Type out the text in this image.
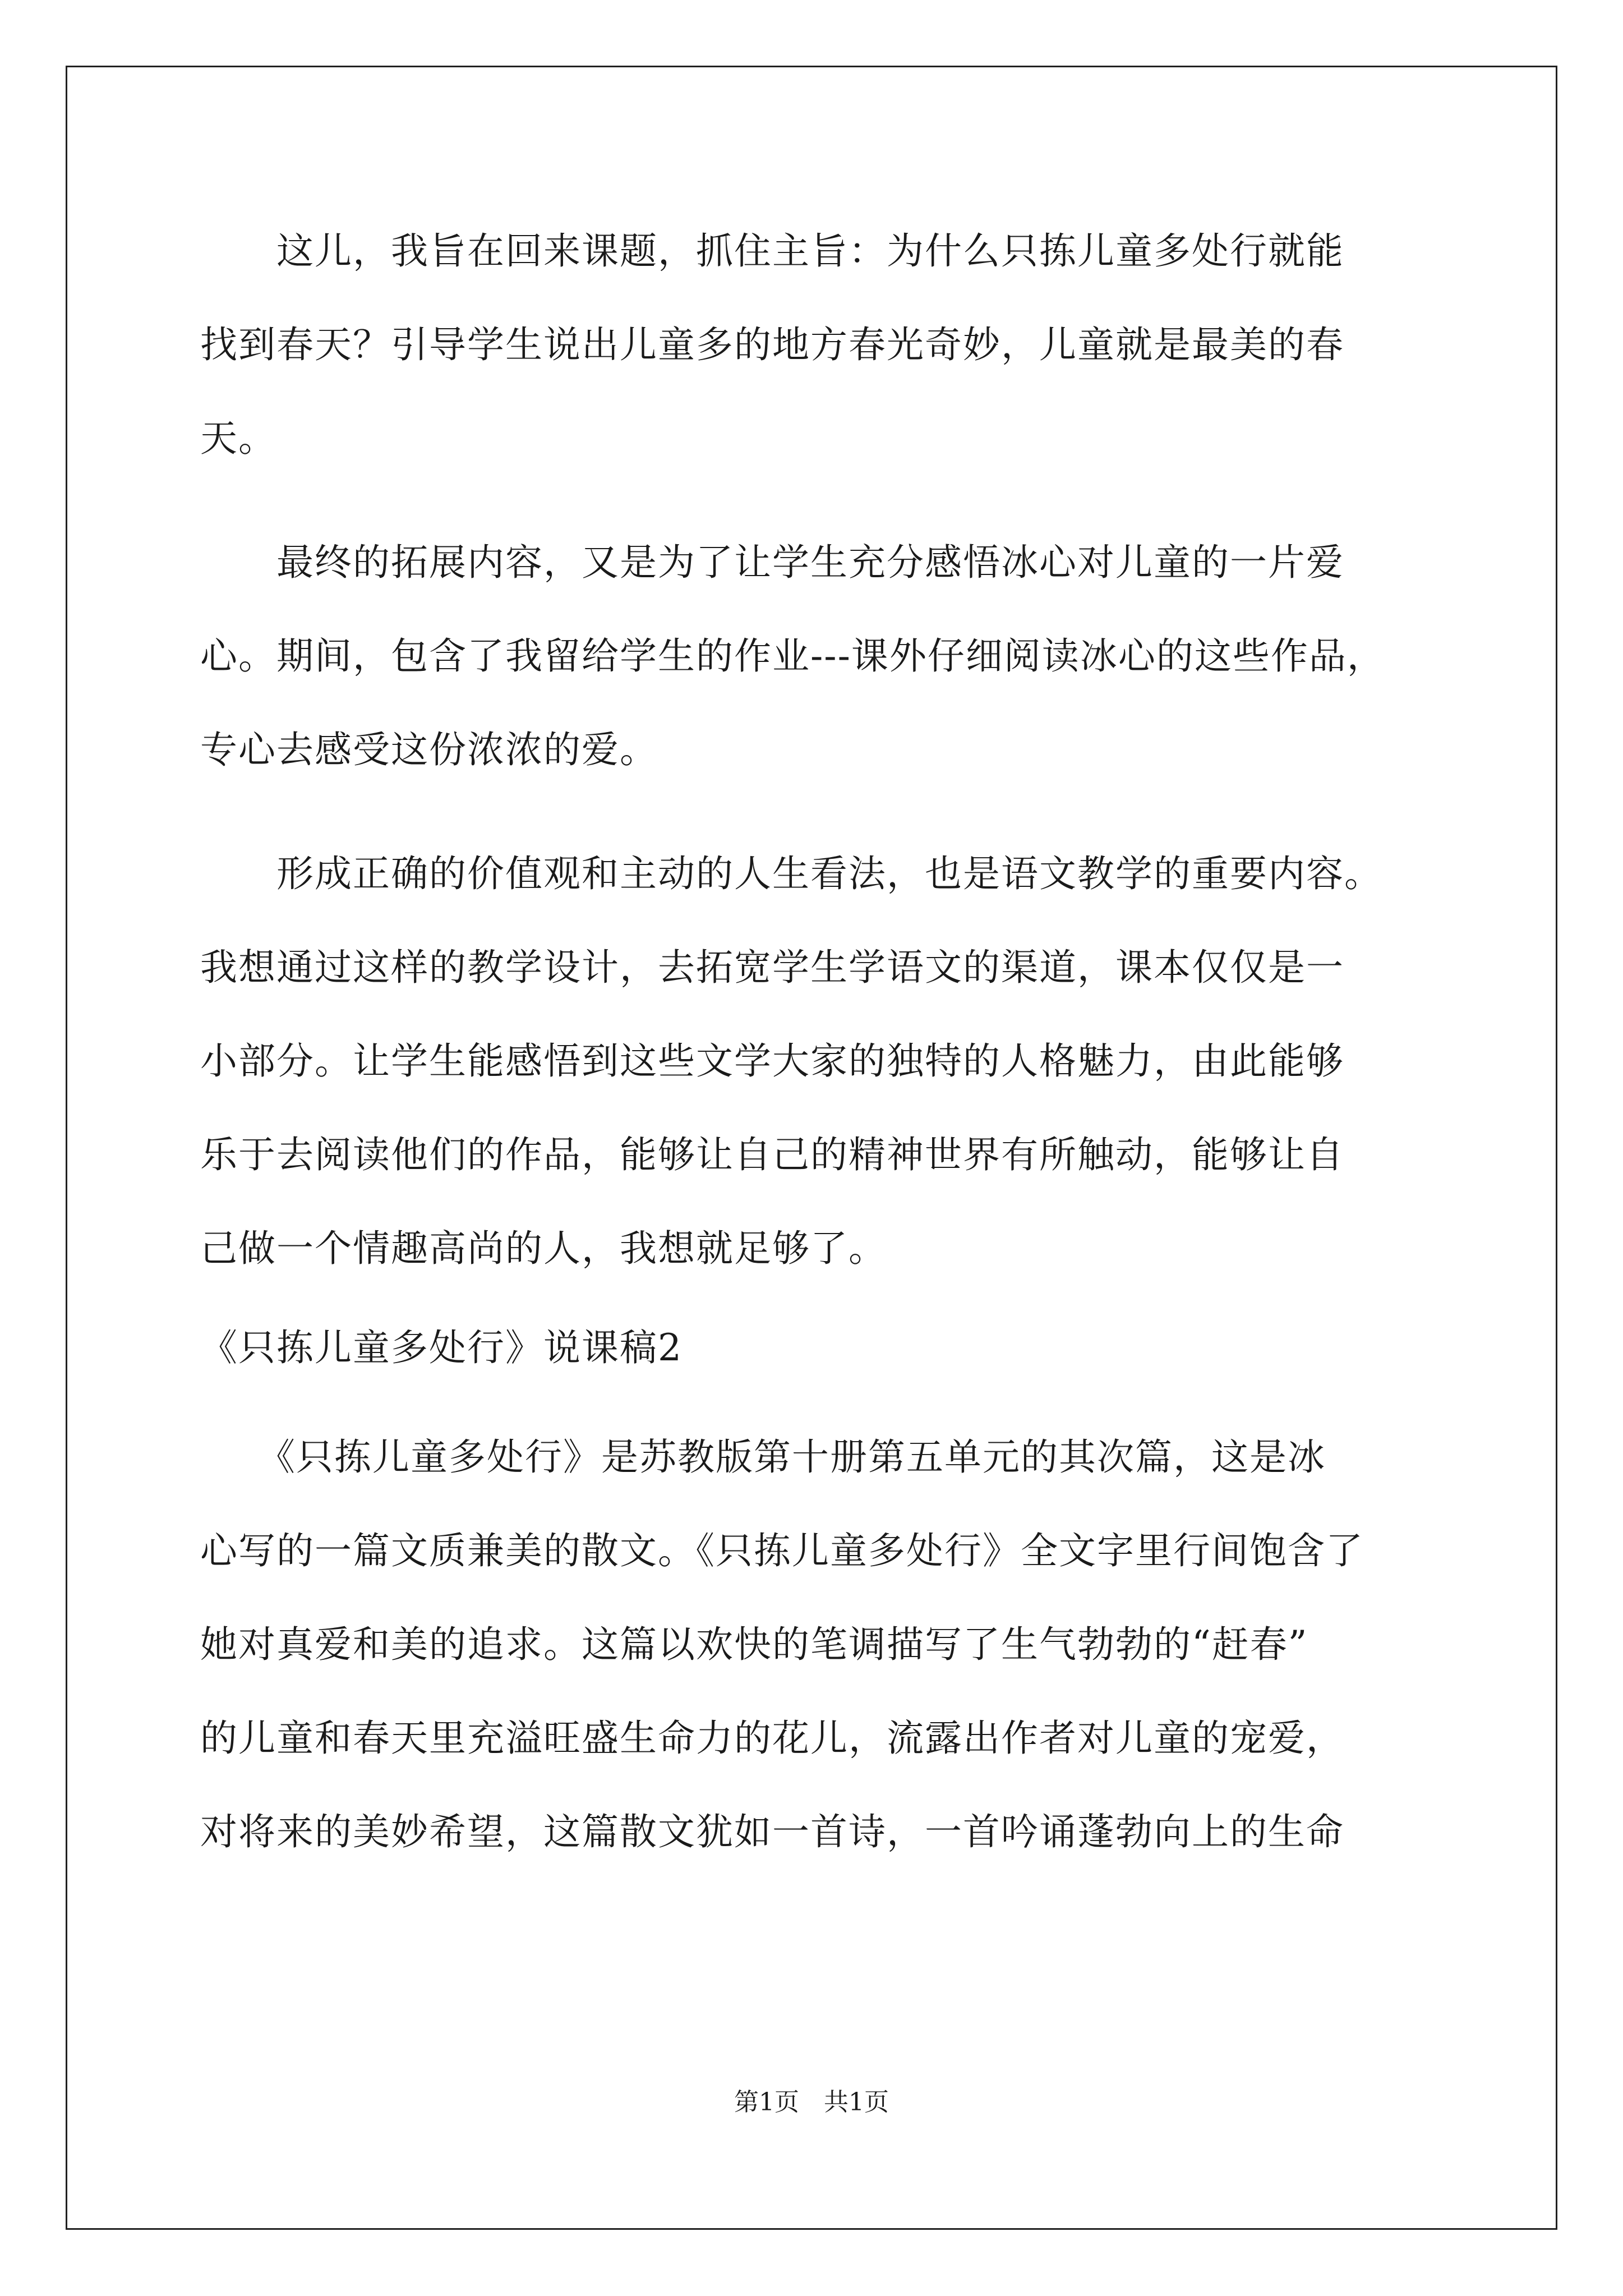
　　这儿，我旨在回来课题，抓住主旨：为什么只拣儿童多处行就能
找到春天？引导学生说出儿童多的地方春光奇妙，儿童就是最美的春
天。
　　最终的拓展内容，又是为了让学生充分感悟冰心对儿童的一片爱
心。期间，包含了我留给学生的作业---课外仔细阅读冰心的这些作品，
专心去感受这份浓浓的爱。
　　形成正确的价值观和主动的人生看法，也是语文教学的重要内容。
我想通过这样的教学设计，去拓宽学生学语文的渠道，课本仅仅是一
小部分。让学生能感悟到这些文学大家的独特的人格魅力，由此能够
乐于去阅读他们的作品，能够让自己的精神世界有所触动，能够让自
己做一个情趣高尚的人，我想就足够了。
《只拣儿童多处行》说课稿2
　　《只拣儿童多处行》是苏教版第十册第五单元的其次篇，这是冰
心写的一篇文质兼美的散文。《只拣儿童多处行》全文字里行间饱含了
她对真爱和美的追求。这篇以欢快的笔调描写了生气勃勃的“赶春”
的儿童和春天里充溢旺盛生命力的花儿，流露出作者对儿童的宠爱，
对将来的美妙希望，这篇散文犹如一首诗，一首吟诵蓬勃向上的生命
第1页　共1页
